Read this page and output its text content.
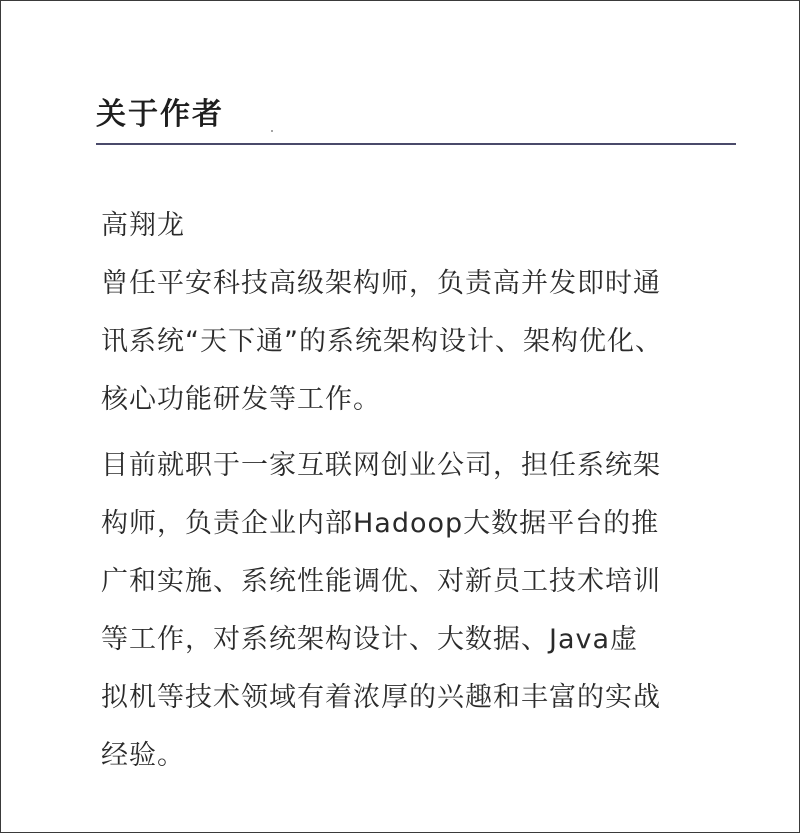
关于作者
高翔龙
曾任平安科技高级架构师，负责高并发即时通
讯系统“天下通”的系统架构设计、架构优化、
核心功能研发等工作。
目前就职于一家互联网创业公司，担任系统架
构师，负责企业内部Hadoop大数据平台的推
广和实施、系统性能调优、对新员工技术培训
等工作，对系统架构设计、大数据、Java虚
拟机等技术领域有着浓厚的兴趣和丰富的实战
经验。
